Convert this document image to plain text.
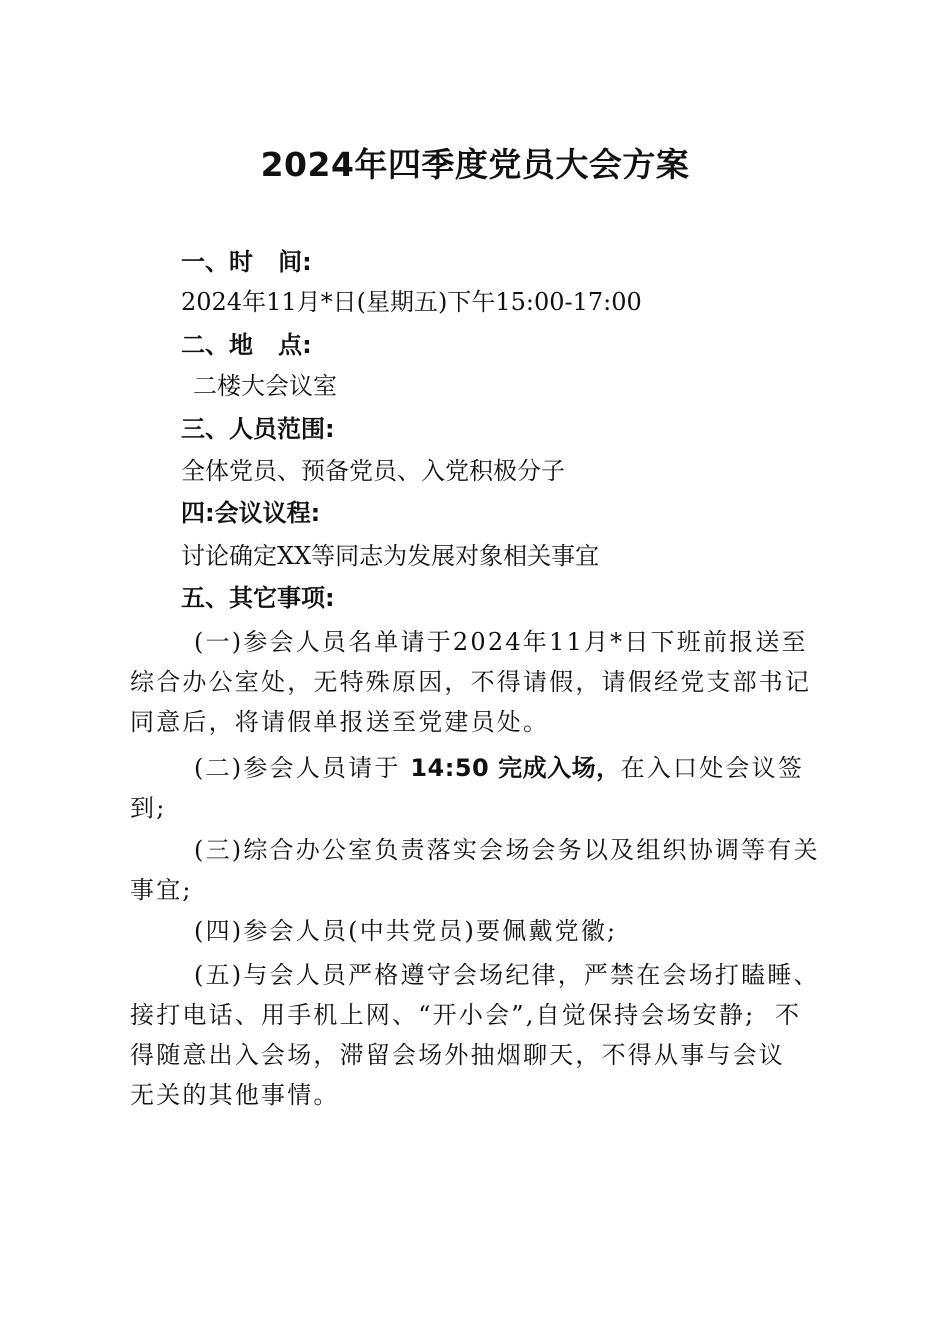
2024年四季度党员大会方案
一、时   间:
2024年11月*日(星期五)下午15:00-17:00
二、地   点:
二楼大会议室
三、人员范围:
全体党员、预备党员、入党积极分子
四:会议议程:
讨论确定XX等同志为发展对象相关事宜
五、其它事项:
(一)参会人员名单请于2024年11月*日下班前报送至 综合办公室处，无特殊原因，不得请假，请假经党支部书记 同意后，将请假单报送至党建员处。
(二)参会人员请于 14:50 完成入场，在入口处会议签到;
(三)综合办公室负责落实会场会务以及组织协调等有关事宜;
(四)参会人员(中共党员)要佩戴党徽;
(五)与会人员严格遵守会场纪律，严禁在会场打瞌睡、 接打电话、用手机上网、“开小会”,自觉保持会场安静;  不得随意出入会场，滞留会场外抽烟聊天，不得从事与会议 无关的其他事情。
